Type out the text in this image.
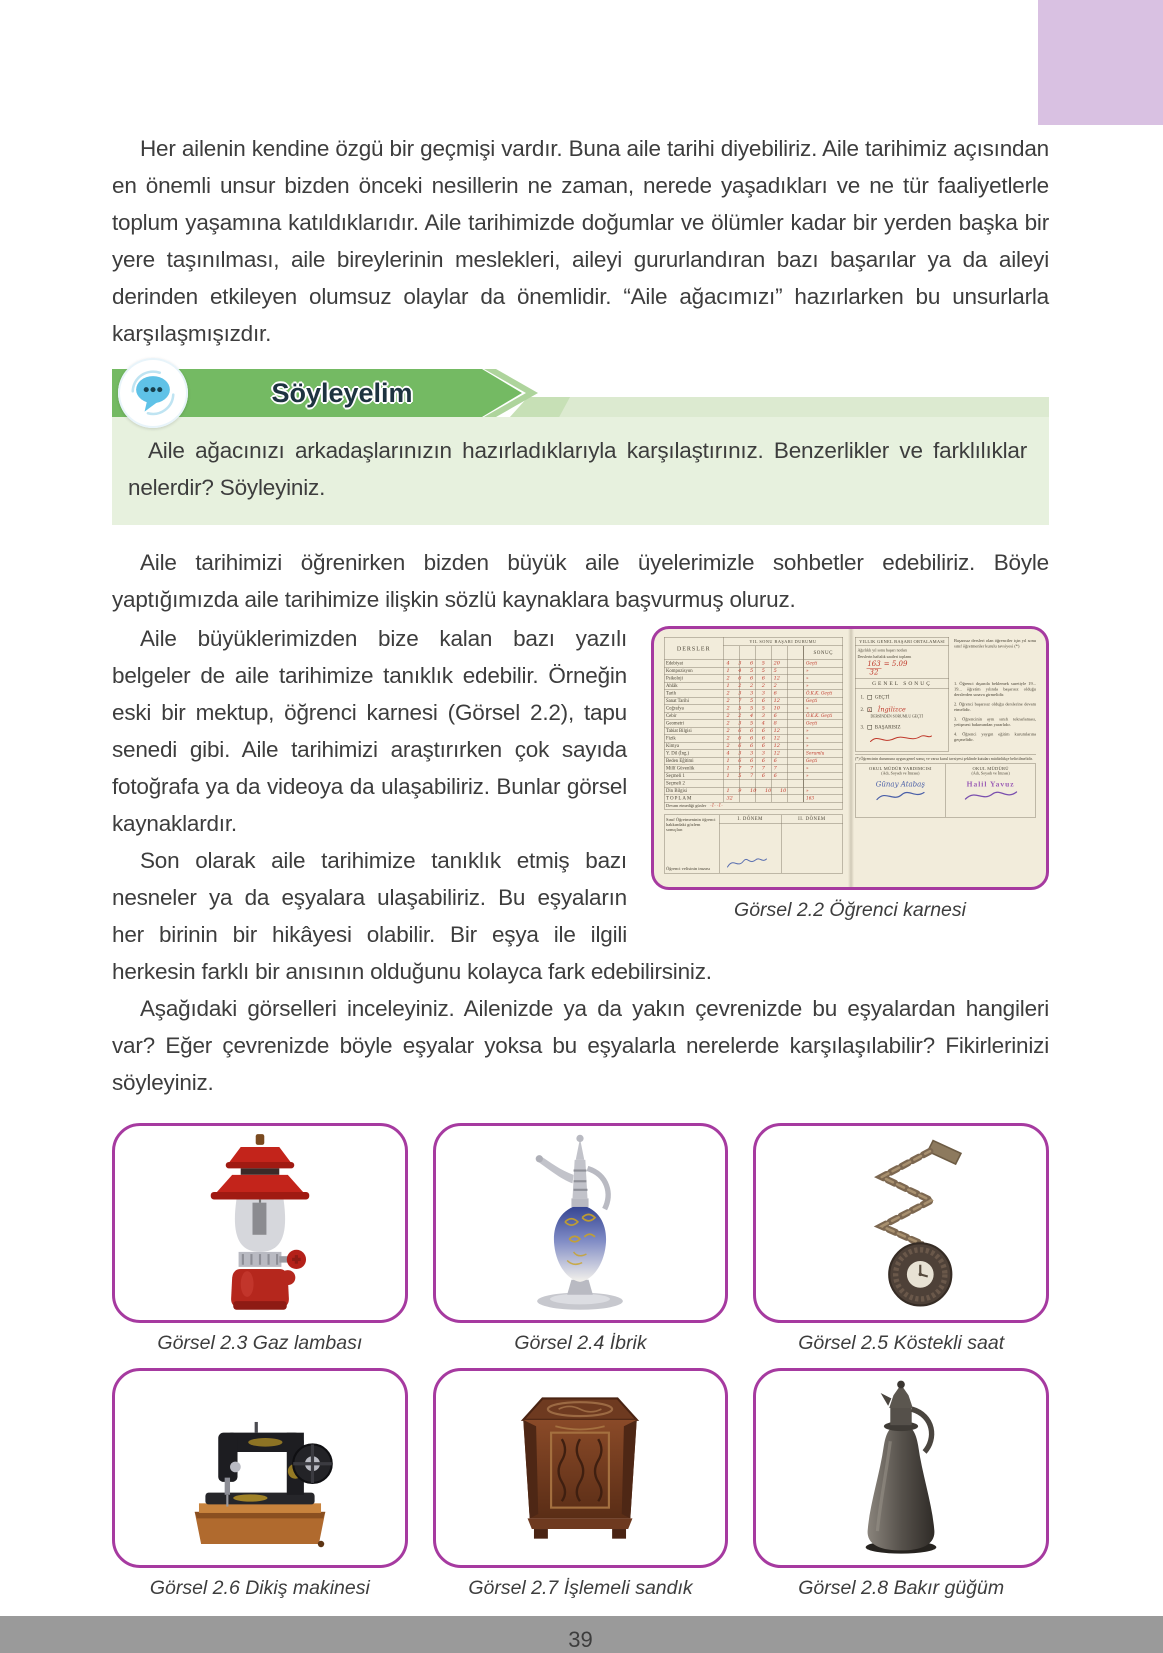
Her ailenin kendine özgü bir geçmişi vardır. Buna aile tarihi diyebiliriz. Aile tarihimiz açısından en önemli unsur bizden önceki nesillerin ne zaman, nerede yaşadıkları ve ne tür faaliyetlerle toplum yaşamına katıldıklarıdır. Aile tarihimizde doğumlar ve ölümler kadar bir yerden başka bir yere taşınılması, aile bireylerinin meslekleri, aileyi gururlandıran bazı başarılar ya da aileyi derinden etkileyen olumsuz olaylar da önemlidir. “Aile ağacımızı” hazırlarken bu unsurlarla karşılaşmışızdır.

Söyleyelim
Aile ağacınızı arkadaşlarınızın hazırladıklarıyla karşılaştırınız. Benzerlikler ve farklılıklar nelerdir? Söyleyiniz.

Aile tarihimizi öğrenirken bizden büyük aile üyelerimizle sohbetler edebiliriz. Böyle yaptığımızda aile tarihimize ilişkin sözlü kaynaklara başvurmuş oluruz.

DERSLER
YIL SONU BAŞARI DURUMU
SONUÇ
Edebiyat	4 3 6 5 20	Geçti
Kompozisyon	1 4 5 5 5	»
Psikoloji	2 6 6 6 12	»
Ahlâk	1 2 2 2 2	»
Tarih	2 3 3 3 6	Ö.K.K. Geçti
Sanat Tarihi	2 7 5 6 12	Geçti
Coğrafya	2 5 5 5 10	»
Cebir	2 2 4 3 6	Ö.K.K. Geçti
Geometri	2 3 5 4 8	Geçti
Tabiat Bilgisi	2 6 6 6 12	»
Fizik	2 6 6 6 12	»
Kimya	2 6 6 6 12	»
Y. Dil (İng.)	4 3 3 3 12	Sorumlu
Beden Eğitimi	1 6 6 6 6	Geçti
Millî Güvenlik	1 7 7 7 7	»
Seçmeli 1	1 5 7 6 6	»
Seçmeli 2
Din Bilgisi	1 9 10 10 10	»
TOPLAM	32	163
Devam etmediği günler -1- -1-
Sınıf Öğretmeninin öğrenci hakkındaki gözlem sonuçları
Öğrenci velisinin imzası
I. DÖNEM	II. DÖNEM
YILLIK GENEL BAŞARI ORTALAMASI
Ağırlıklı yıl sonu başarı notları
Derslerin haftalık saatleri toplamı
163 = 5.09
32
Başarısız dersleri olan öğrenciler için yıl sonu sınıf öğretmenler kurulu tavsiyesi (*)
GENEL SONUÇ
1. GEÇTİ
2. X İngilizce
DERSİNDEN SORUMLU GEÇTİ
3. BAŞARISIZ
1. Öğrenci dışarıda beklemek suretiyle 19... 19... öğretim yılında başarısız olduğu derslerden sınava girmelidir.
2. Öğrenci başarısız olduğu derslerine devam etmelidir.
3. Öğrencinin aynı sınıfı tekrarlaması, yetişmesi bakımından yararlıdır.
4. Öğrenci yaygın eğitim kurumlarına geçmelidir.
(*) Öğrencinin durumuna uygun genel sonuç ve varsa kurul tavsiyesi şeklinde kutuları müdürlükçe belirtilmelidir.
OKUL MÜDÜR YARDIMCISI
(Adı, Soyadı ve İmzası)
Günay Atabaş
OKUL MÜDÜRÜ
(Adı, Soyadı ve İmzası)
Halil Yavuz
Görsel 2.2 Öğrenci karnesi

Aile büyüklerimizden bize kalan bazı yazılı belgeler de aile tarihimize tanıklık edebilir. Örneğin eski bir mektup, öğrenci karnesi (Görsel 2.2), tapu senedi gibi. Aile tarihimizi araştırırken çok sayıda fotoğrafa ya da videoya da ulaşabiliriz. Bunlar görsel kaynaklardır.

Son olarak aile tarihimize tanıklık etmiş bazı nesneler ya da eşyalara ulaşabiliriz. Bu eşyaların her birinin bir hikâyesi olabilir. Bir eşya ile ilgili herkesin farklı bir anısının olduğunu kolayca fark edebilirsiniz.

Aşağıdaki görselleri inceleyiniz. Ailenizde ya da yakın çevrenizde bu eşyalardan hangileri var? Eğer çevrenizde böyle eşyalar yoksa bu eşyalarla nerelerde karşılaşılabilir? Fikirlerinizi söyleyiniz.

Görsel 2.3 Gaz lambası	Görsel 2.4 İbrik	Görsel 2.5 Köstekli saat
Görsel 2.6 Dikiş makinesi	Görsel 2.7 İşlemeli sandık	Görsel 2.8 Bakır güğüm
39
